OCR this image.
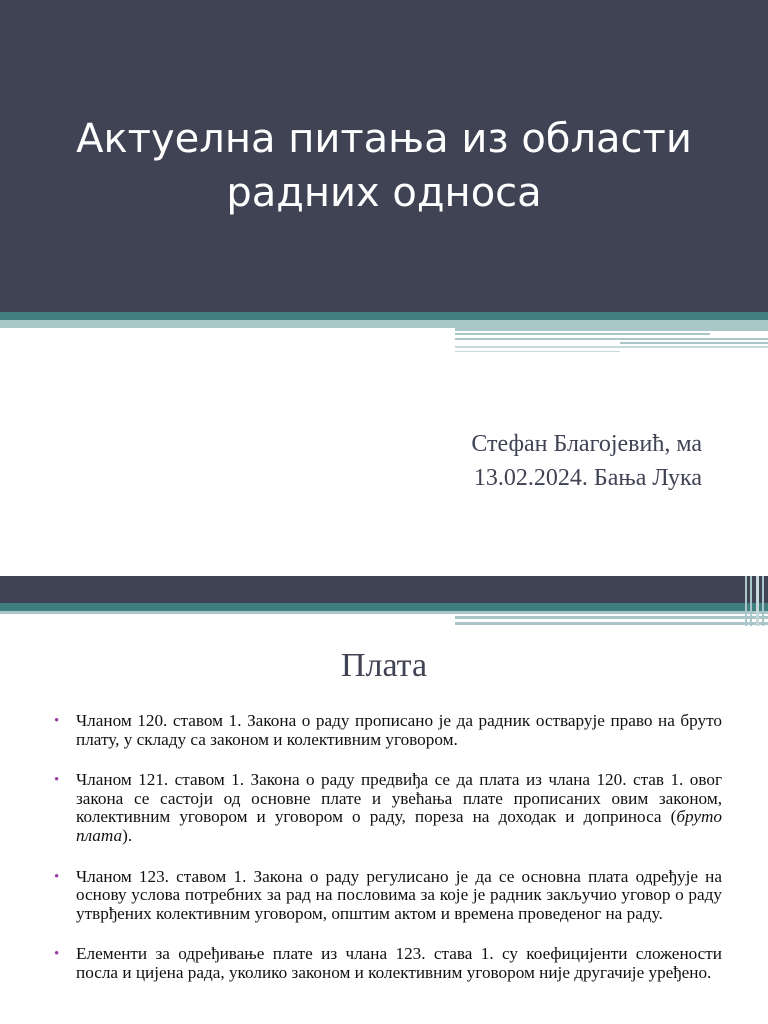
Актуелна питања из области
радних односа
Стефан Благојевић, ма
13.02.2024. Бања Лука
Плата
• Чланом 120. ставом 1. Закона о раду прописано је да радник остварује право на бруто плату, у складу са законом и колективним уговором.
• Чланом 121. ставом 1. Закона о раду предвиђа се да плата из члана 120. став 1. овог закона се састоји од основне плате и увећања плате прописаних овим законом, колективним уговором и уговором о раду, пореза на доходак и доприноса (бруто плата).
• Чланом 123. ставом 1. Закона о раду регулисано је да се основна плата одређује на основу услова потребних за рад на пословима за које је радник закључио уговор о раду утврђених колективним уговором, општим актом и времена проведеног на раду.
• Елементи за одређивање плате из члана 123. става 1. су коефицијенти сложености посла и цијена рада, уколико законом и колективним уговором није другачије уређено.
